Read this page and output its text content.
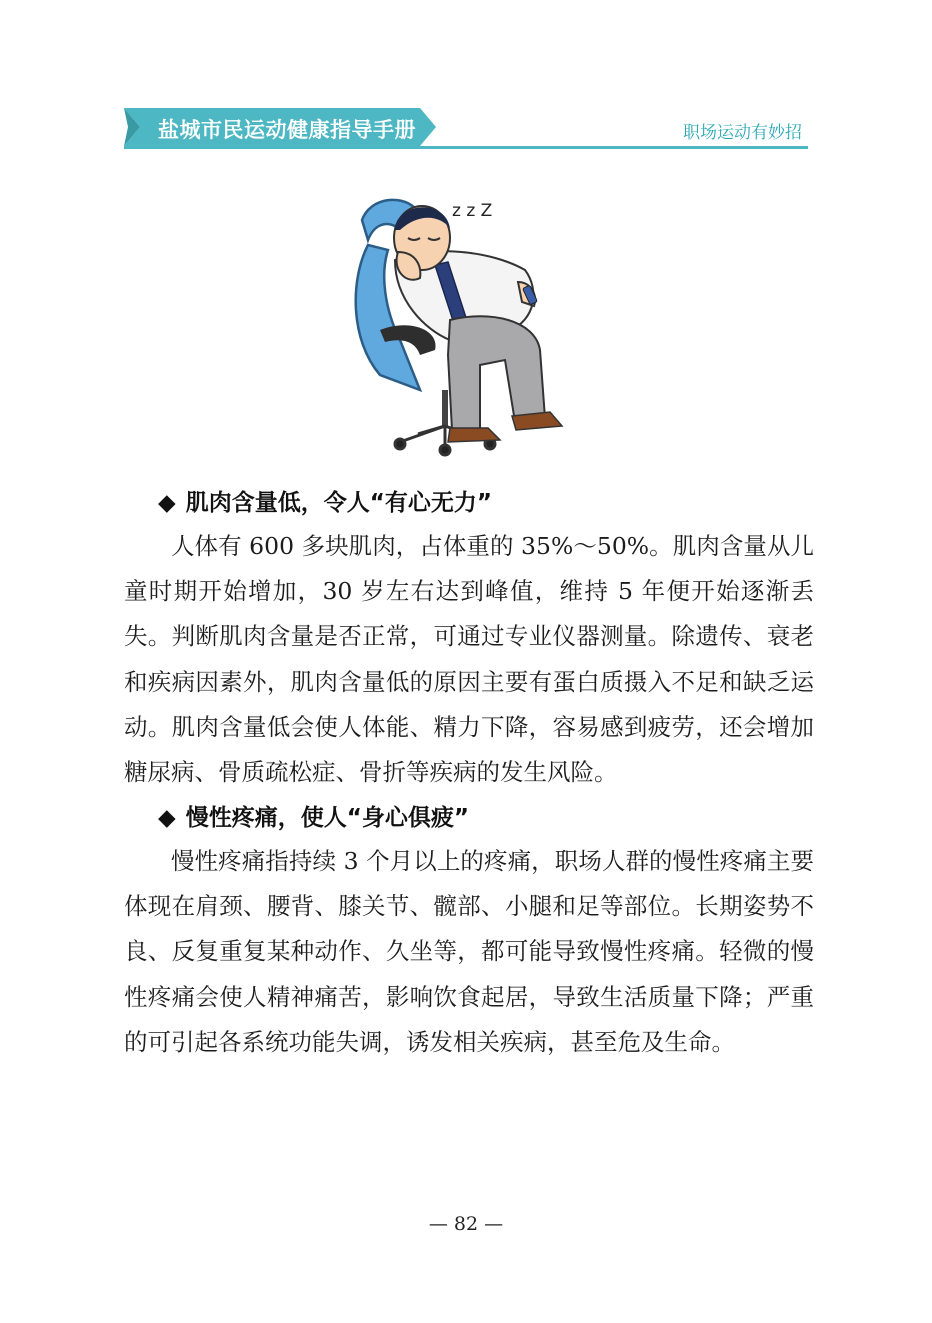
盐城市民运动健康指导手册	职场运动有妙招
z z Z
◆ 肌肉含量低，令人“有心无力”
人体有 600 多块肌肉，占体重的 35%～50%。肌肉含量从儿童时期开始增加，30 岁左右达到峰值，维持 5 年便开始逐渐丢失。判断肌肉含量是否正常，可通过专业仪器测量。除遗传、衰老和疾病因素外，肌肉含量低的原因主要有蛋白质摄入不足和缺乏运动。肌肉含量低会使人体能、精力下降，容易感到疲劳，还会增加糖尿病、骨质疏松症、骨折等疾病的发生风险。
◆ 慢性疼痛，使人“身心俱疲”
慢性疼痛指持续 3 个月以上的疼痛，职场人群的慢性疼痛主要体现在肩颈、腰背、膝关节、髋部、小腿和足等部位。长期姿势不良、反复重复某种动作、久坐等，都可能导致慢性疼痛。轻微的慢性疼痛会使人精神痛苦，影响饮食起居，导致生活质量下降；严重的可引起各系统功能失调，诱发相关疾病，甚至危及生命。
— 82 —
